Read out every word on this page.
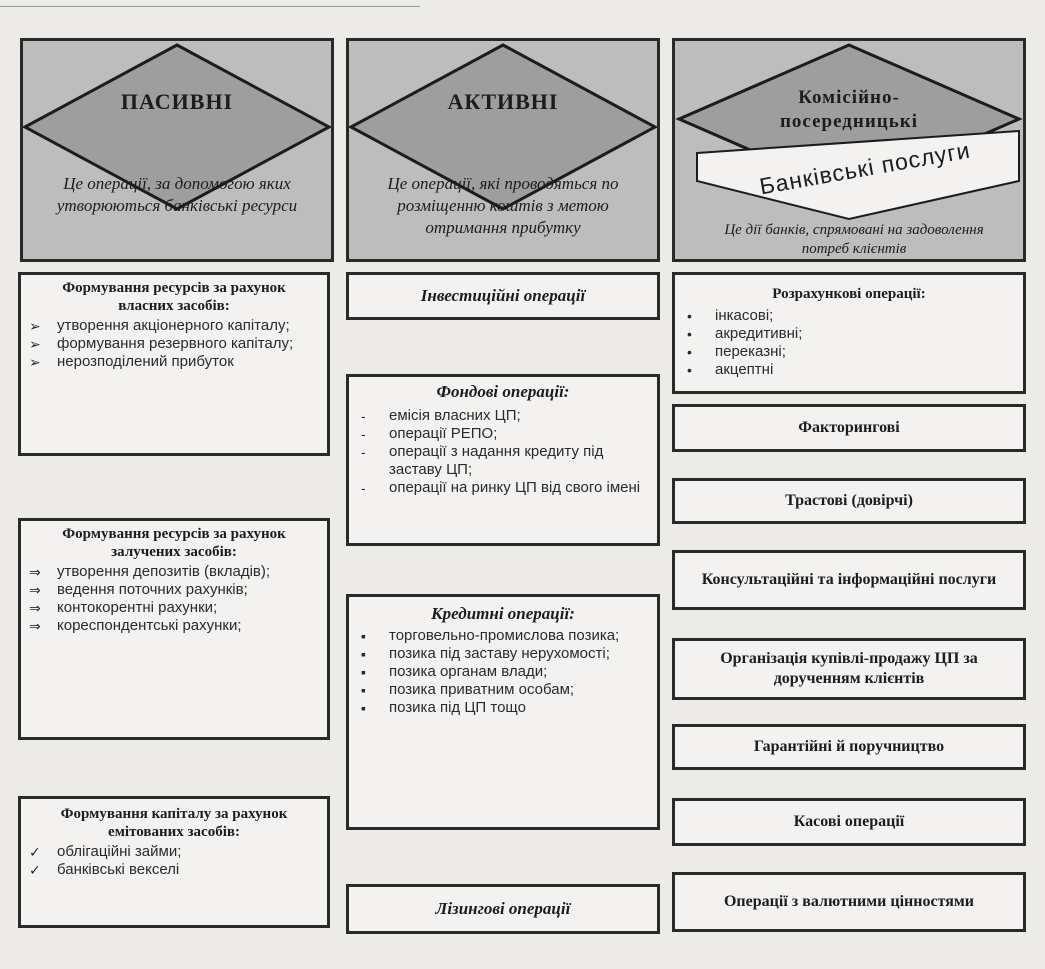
ПАСИВНІ
Це операції, за допомогою яких утворюються банківські ресурси
АКТИВНІ
Це операції, які проводяться по розміщенню коштів з метою отримання прибутку
Комісійно-
посередницькі
Банківські послуги
Це дії банків, спрямовані на задоволення потреб клієнтів
Формування ресурсів за рахунок власних засобів:
➢ утворення акціонерного капіталу;
➢ формування резервного капіталу;
➢ нерозподілений прибуток
Формування ресурсів за рахунок залучених засобів:
⇒ утворення депозитів (вкладів);
⇒ ведення поточних рахунків;
⇒ контокорентні рахунки;
⇒ кореспондентські рахунки;
Формування капіталу за рахунок емітованих засобів:
✓ облігаційні займи;
✓ банківські векселі
Інвестиційні операції
Фондові операції:
- емісія власних ЦП;
- операції РЕПО;
- операції з надання кредиту під заставу ЦП;
- операції на ринку ЦП від свого імені
Кредитні операції:
▪ торговельно-промислова позика;
▪ позика під заставу нерухомості;
▪ позика органам влади;
▪ позика приватним особам;
▪ позика під ЦП тощо
Лізингові операції
Розрахункові операції:
• інкасові;
• акредитивні;
• переказні;
• акцептні
Факторингові
Трастові (довірчі)
Консультаційні та інформаційні послуги
Організація купівлі-продажу ЦП за дорученням клієнтів
Гарантійні й поручництво
Касові операції
Операції з валютними цінностями
